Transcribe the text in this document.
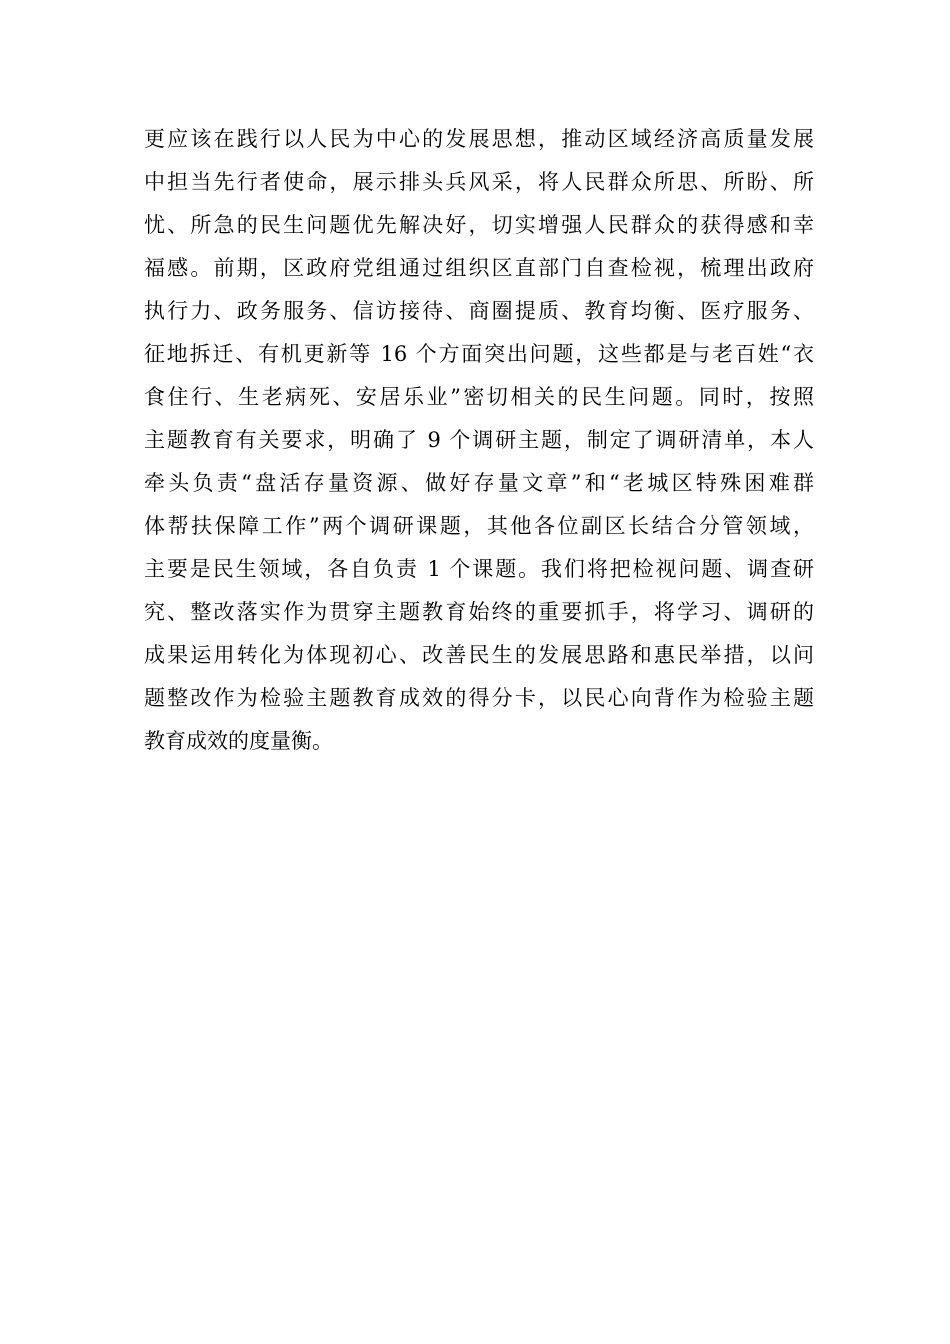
更应该在践行以人民为中心的发展思想，推动区域经济高质量发展
中担当先行者使命，展示排头兵风采，将人民群众所思、所盼、所
忧、所急的民生问题优先解决好，切实增强人民群众的获得感和幸
福感。前期，区政府党组通过组织区直部门自查检视，梳理出政府
执行力、政务服务、信访接待、商圈提质、教育均衡、医疗服务、
征地拆迁、有机更新等 16 个方面突出问题，这些都是与老百姓“衣
食住行、生老病死、安居乐业”密切相关的民生问题。同时，按照
主题教育有关要求，明确了 9 个调研主题，制定了调研清单，本人
牵头负责“盘活存量资源、做好存量文章”和“老城区特殊困难群
体帮扶保障工作”两个调研课题，其他各位副区长结合分管领域，
主要是民生领域，各自负责 1 个课题。我们将把检视问题、调查研
究、整改落实作为贯穿主题教育始终的重要抓手，将学习、调研的
成果运用转化为体现初心、改善民生的发展思路和惠民举措，以问
题整改作为检验主题教育成效的得分卡，以民心向背作为检验主题
教育成效的度量衡。
